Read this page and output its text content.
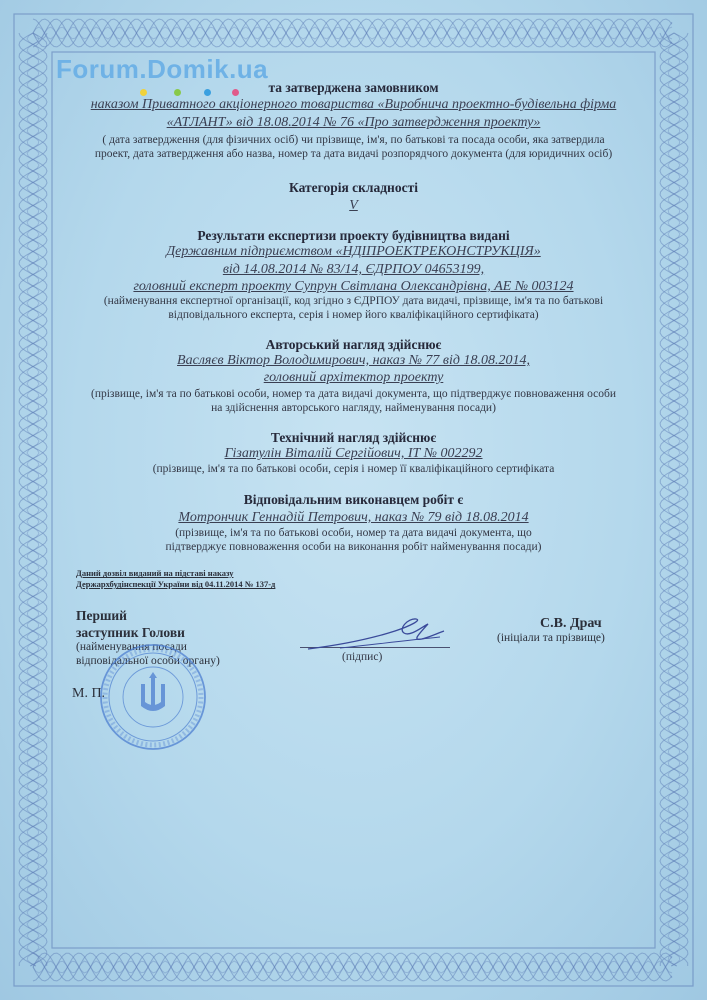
Forum.Domik.ua
та затверджена замовником
наказом Приватного акціонерного товариства «Виробнича проектно-будівельна фірма
«АТЛАНТ» від 18.08.2014 № 76 «Про затвердження проекту»
( дата затвердження (для фізичних осіб) чи прізвище, ім'я, по батькові та посада особи, яка затвердила
проект, дата затвердження або назва, номер та дата видачі розпорядчого документа (для юридичних осіб)
Категорія складності
V
Результати експертизи проекту будівництва видані
Державним підприємством «НДІПРОЕКТРЕКОНСТРУКЦІЯ»
від 14.08.2014 № 83/14, ЄДРПОУ 04653199,
головний експерт проекту Супрун Світлана Олександрівна, АЕ № 003124
(найменування експертної організації, код згідно з ЄДРПОУ дата видачі, прізвище, ім'я та по батькові
відповідального експерта, серія і номер його кваліфікаційного сертифіката)
Авторський нагляд здійснює
Васляєв Віктор Володимирович, наказ № 77 від 18.08.2014,
головний архітектор проекту
(прізвище, ім'я та по батькові особи, номер та дата видачі документа, що підтверджує повноваження особи
на здійснення авторського нагляду, найменування посади)
Технічний нагляд здійснює
Гізатулін Віталій Сергійович, ІТ № 002292
(прізвище, ім'я та по батькові особи, серія і номер її кваліфікаційного сертифіката
Відповідальним виконавцем робіт є
Мотрончик Геннадій Петрович, наказ № 79 від 18.08.2014
(прізвище, ім'я та по батькові особи, номер та дата видачі документа, що
підтверджує повноваження особи на виконання робіт найменування посади)
Даний дозвіл виданий на підставі наказу
Держархбудінспекції України від 04.11.2014 № 137-д
Перший
заступник Голови
(найменування посади
відповідальної особи органу)	(підпис)
С.В. Драч
(ініціали та прізвище)
М. П.
